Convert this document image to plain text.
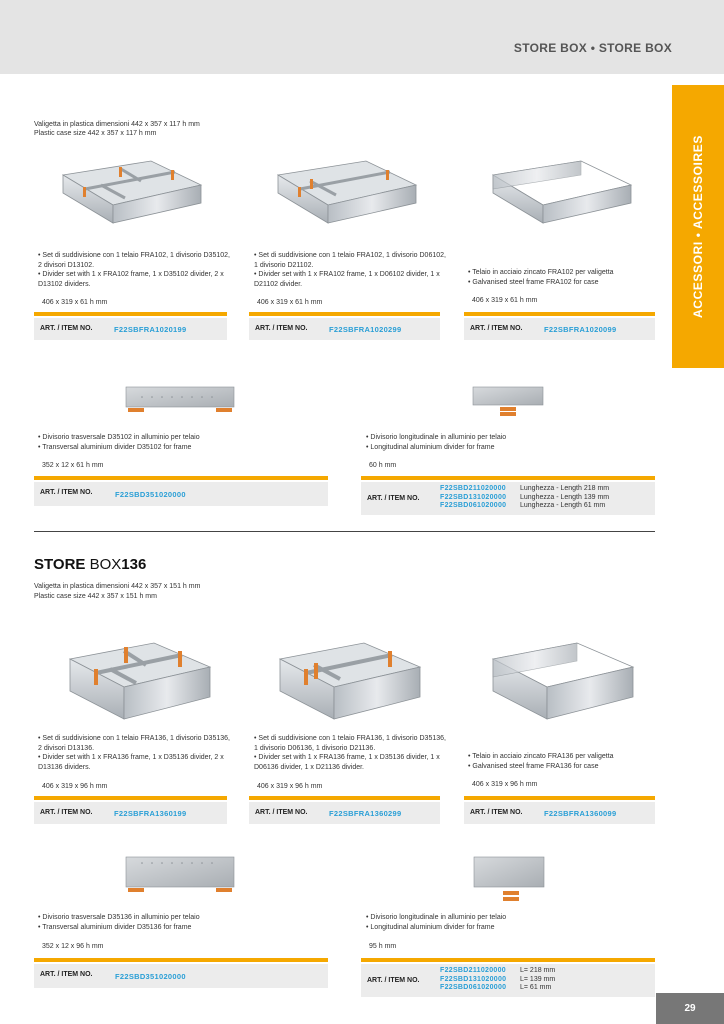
STORE BOX • STORE BOX
ACCESSORI • ACCESSOIRES
Valigetta in plastica dimensioni 442 x 357 x 117 h mm
Plastic case size 442 x 357 x 117 h mm
• Set di suddivisione con 1 telaio FRA102, 1 divisorio D35102, 2 divisori D13102.
• Divider set with 1 x FRA102 frame, 1 x D35102 divider, 2 x D13102 dividers.
406 x 319 x 61 h mm
ART. / ITEM NO.	F22SBFRA1020199
• Set di suddivisione con 1 telaio FRA102, 1 divisorio D06102, 1 divisorio D21102.
• Divider set with 1 x FRA102 frame, 1 x D06102 divider, 1 x D21102 divider.
406 x 319 x 61 h mm
ART. / ITEM NO.	F22SBFRA1020299
• Telaio in acciaio zincato FRA102 per valigetta
• Galvanised steel frame FRA102 for case
406 x 319 x 61 h mm
ART. / ITEM NO.	F22SBFRA1020099
• Divisorio trasversale D35102 in alluminio per telaio
• Transversal aluminium divider D35102 for frame
352 x 12 x 61 h mm
ART. / ITEM NO.	F22SBD351020000
• Divisorio longitudinale in alluminio per telaio
• Longitudinal aluminium divider for frame
60 h mm
ART. / ITEM NO.
F22SBD211020000 Lunghezza - Length 218 mm
F22SBD131020000 Lunghezza - Length 139 mm
F22SBD061020000 Lunghezza - Length 61 mm
STORE BOX136
Valigetta in plastica dimensioni 442 x 357 x 151 h mm
Plastic case size 442 x 357 x 151 h mm
• Set di suddivisione con 1 telaio FRA136, 1 divisorio D35136, 2 divisori D13136.
• Divider set with 1 x FRA136 frame, 1 x D35136 divider, 2 x D13136 dividers.
406 x 319 x 96 h mm
ART. / ITEM NO.	F22SBFRA1360199
• Set di suddivisione con 1 telaio FRA136, 1 divisorio D35136, 1 divisorio D06136, 1 divisorio D21136.
• Divider set with 1 x FRA136 frame, 1 x D35136 divider, 1 x D06136 divider, 1 x D21136 divider.
406 x 319 x 96 h mm
ART. / ITEM NO.	F22SBFRA1360299
• Telaio in acciaio zincato FRA136 per valigetta
• Galvanised steel frame FRA136 for case
406 x 319 x 96 h mm
ART. / ITEM NO.	F22SBFRA1360099
• Divisorio trasversale D35136 in alluminio per telaio
• Transversal aluminium divider D35136 for frame
352 x 12 x 96 h mm
ART. / ITEM NO.	F22SBD351020000
• Divisorio longitudinale in alluminio per telaio
• Longitudinal aluminium divider for frame
95 h mm
ART. / ITEM NO.
F22SBD211020000 L= 218 mm
F22SBD131020000 L= 139 mm
F22SBD061020000 L= 61 mm
29
